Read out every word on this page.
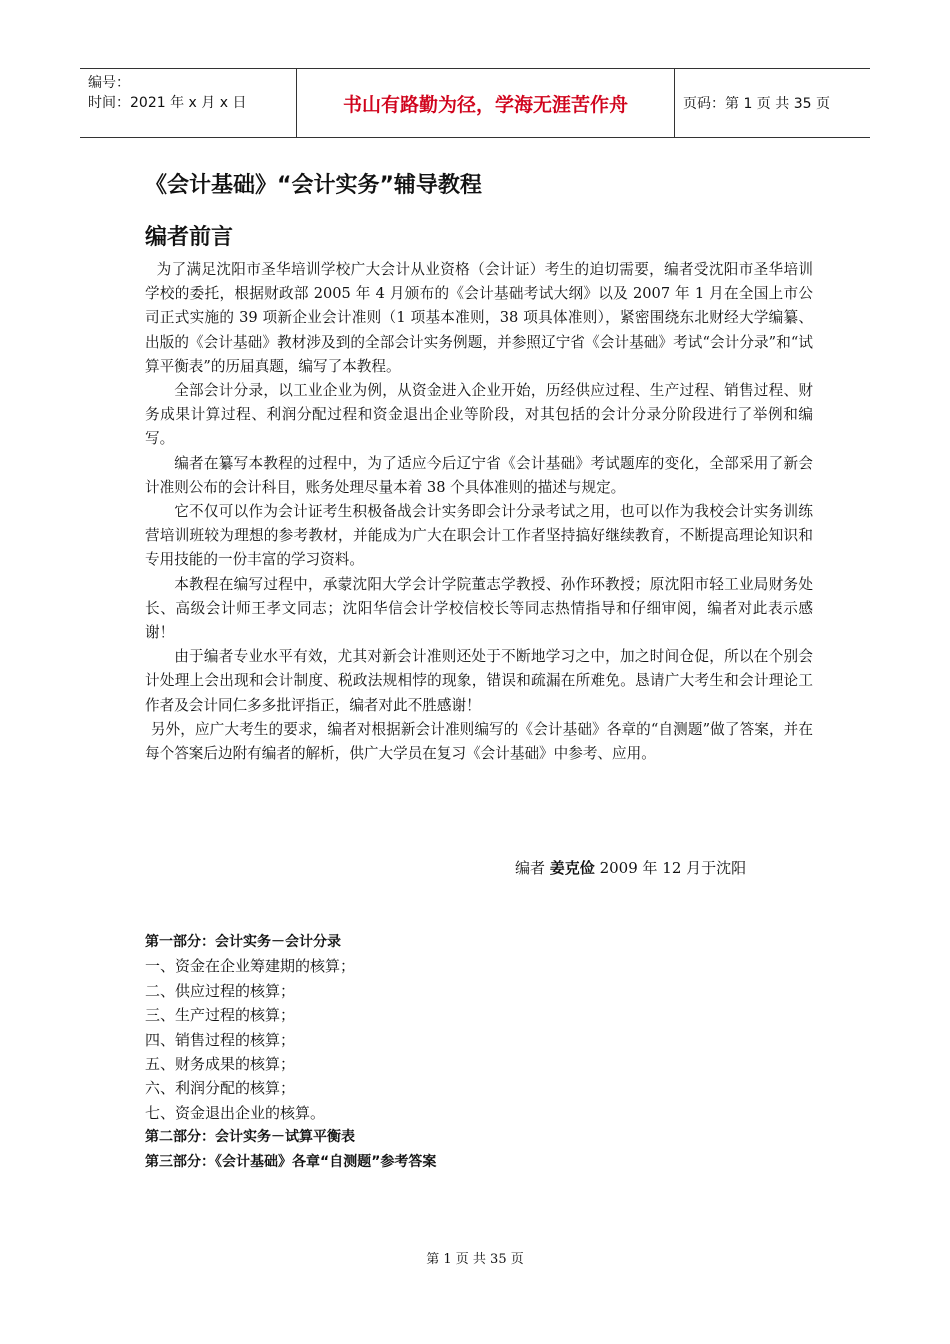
编号：
时间：2021 年 x 月 x 日	书山有路勤为径，学海无涯苦作舟	页码：第 1 页 共 35 页
《会计基础》“会计实务”辅导教程
编者前言

为了满足沈阳市圣华培训学校广大会计从业资格（会计证）考生的迫切需要，编者受沈阳市圣华培训学校的委托，根据财政部 2005 年 4 月颁布的《会计基础考试大纲》以及 2007 年 1 月在全国上市公司正式实施的 39 项新企业会计准则（1 项基本准则，38 项具体准则），紧密围绕东北财经大学编纂、出版的《会计基础》教材涉及到的全部会计实务例题，并参照辽宁省《会计基础》考试“会计分录”和“试算平衡表”的历届真题，编写了本教程。

全部会计分录，以工业企业为例，从资金进入企业开始，历经供应过程、生产过程、销售过程、财务成果计算过程、利润分配过程和资金退出企业等阶段，对其包括的会计分录分阶段进行了举例和编写。

编者在纂写本教程的过程中，为了适应今后辽宁省《会计基础》考试题库的变化，全部采用了新会计准则公布的会计科目，账务处理尽量本着 38 个具体准则的描述与规定。

它不仅可以作为会计证考生积极备战会计实务即会计分录考试之用，也可以作为我校会计实务训练营培训班较为理想的参考教材，并能成为广大在职会计工作者坚持搞好继续教育，不断提高理论知识和专用技能的一份丰富的学习资料。

本教程在编写过程中，承蒙沈阳大学会计学院董志学教授、孙作环教授；原沈阳市轻工业局财务处长、高级会计师王孝文同志；沈阳华信会计学校信校长等同志热情指导和仔细审阅，编者对此表示感谢！

由于编者专业水平有效，尤其对新会计准则还处于不断地学习之中，加之时间仓促，所以在个别会计处理上会出现和会计制度、税政法规相悖的现象，错误和疏漏在所难免。恳请广大考生和会计理论工作者及会计同仁多多批评指正，编者对此不胜感谢！

另外，应广大考生的要求，编者对根据新会计准则编写的《会计基础》各章的“自测题”做了答案，并在每个答案后边附有编者的解析，供广大学员在复习《会计基础》中参考、应用。

编者 姜克俭 2009 年 12 月于沈阳
第一部分：会计实务－会计分录
一、资金在企业筹建期的核算；
二、供应过程的核算；
三、生产过程的核算；
四、销售过程的核算；
五、财务成果的核算；
六、利润分配的核算；
七、资金退出企业的核算。
第二部分：会计实务－试算平衡表
第三部分：《会计基础》各章“自测题”参考答案
第 1 页 共 35 页
